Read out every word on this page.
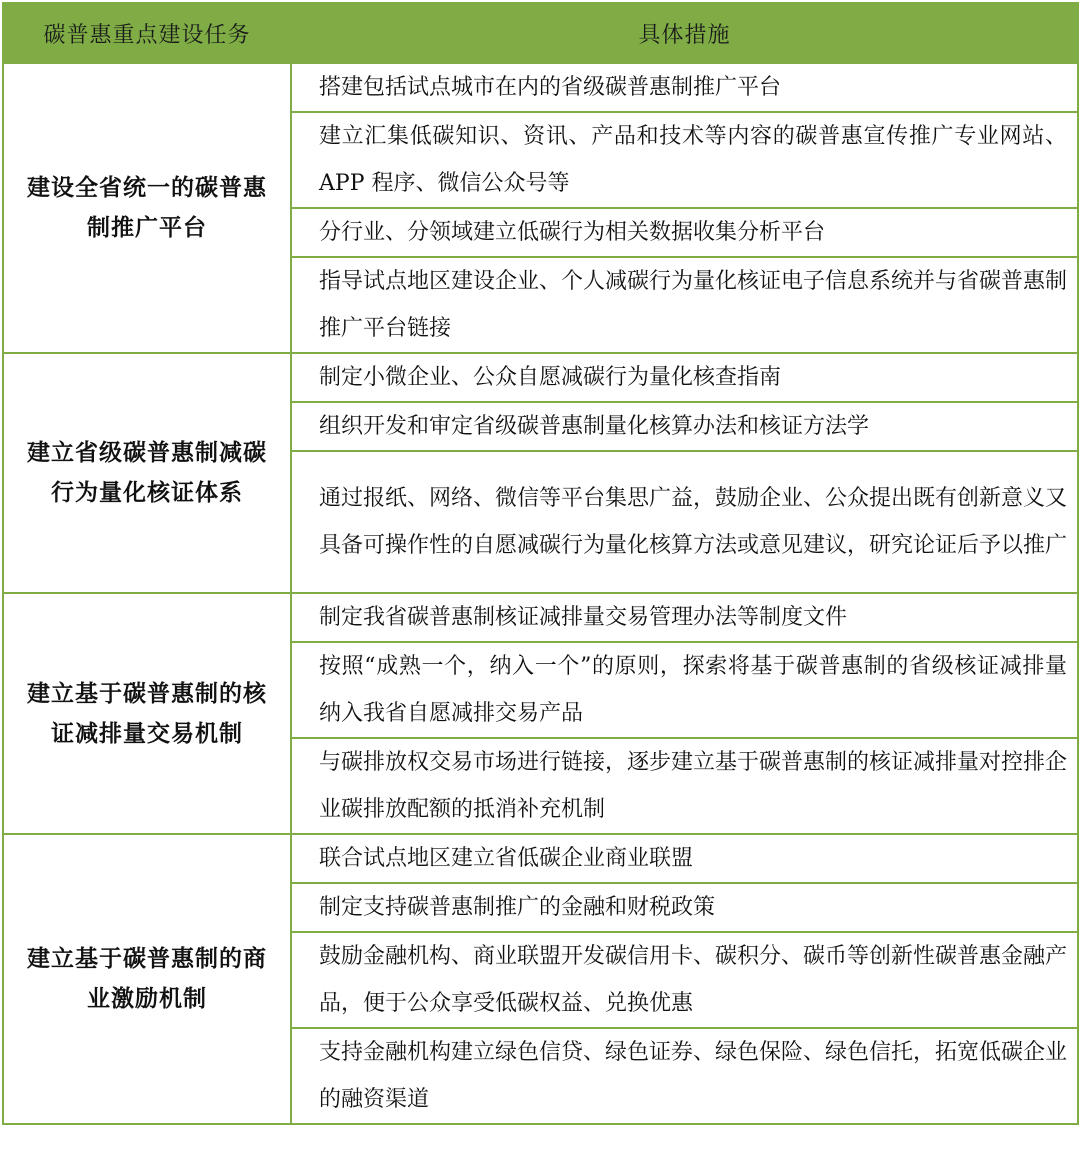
碳普惠重点建设任务	具体措施
建设全省统一的碳普惠制推广平台	搭建包括试点城市在内的省级碳普惠制推广平台
	建立汇集低碳知识、资讯、产品和技术等内容的碳普惠宣传推广专业网站、APP 程序、微信公众号等
	分行业、分领域建立低碳行为相关数据收集分析平台
	指导试点地区建设企业、个人减碳行为量化核证电子信息系统并与省碳普惠制推广平台链接
建立省级碳普惠制减碳行为量化核证体系	制定小微企业、公众自愿减碳行为量化核查指南
	组织开发和审定省级碳普惠制量化核算办法和核证方法学
	通过报纸、网络、微信等平台集思广益，鼓励企业、公众提出既有创新意义又具备可操作性的自愿减碳行为量化核算方法或意见建议，研究论证后予以推广
建立基于碳普惠制的核证减排量交易机制	制定我省碳普惠制核证减排量交易管理办法等制度文件
	按照“成熟一个，纳入一个”的原则，探索将基于碳普惠制的省级核证减排量纳入我省自愿减排交易产品
	与碳排放权交易市场进行链接，逐步建立基于碳普惠制的核证减排量对控排企业碳排放配额的抵消补充机制
建立基于碳普惠制的商业激励机制	联合试点地区建立省低碳企业商业联盟
	制定支持碳普惠制推广的金融和财税政策
	鼓励金融机构、商业联盟开发碳信用卡、碳积分、碳币等创新性碳普惠金融产品，便于公众享受低碳权益、兑换优惠
	支持金融机构建立绿色信贷、绿色证券、绿色保险、绿色信托，拓宽低碳企业的融资渠道
